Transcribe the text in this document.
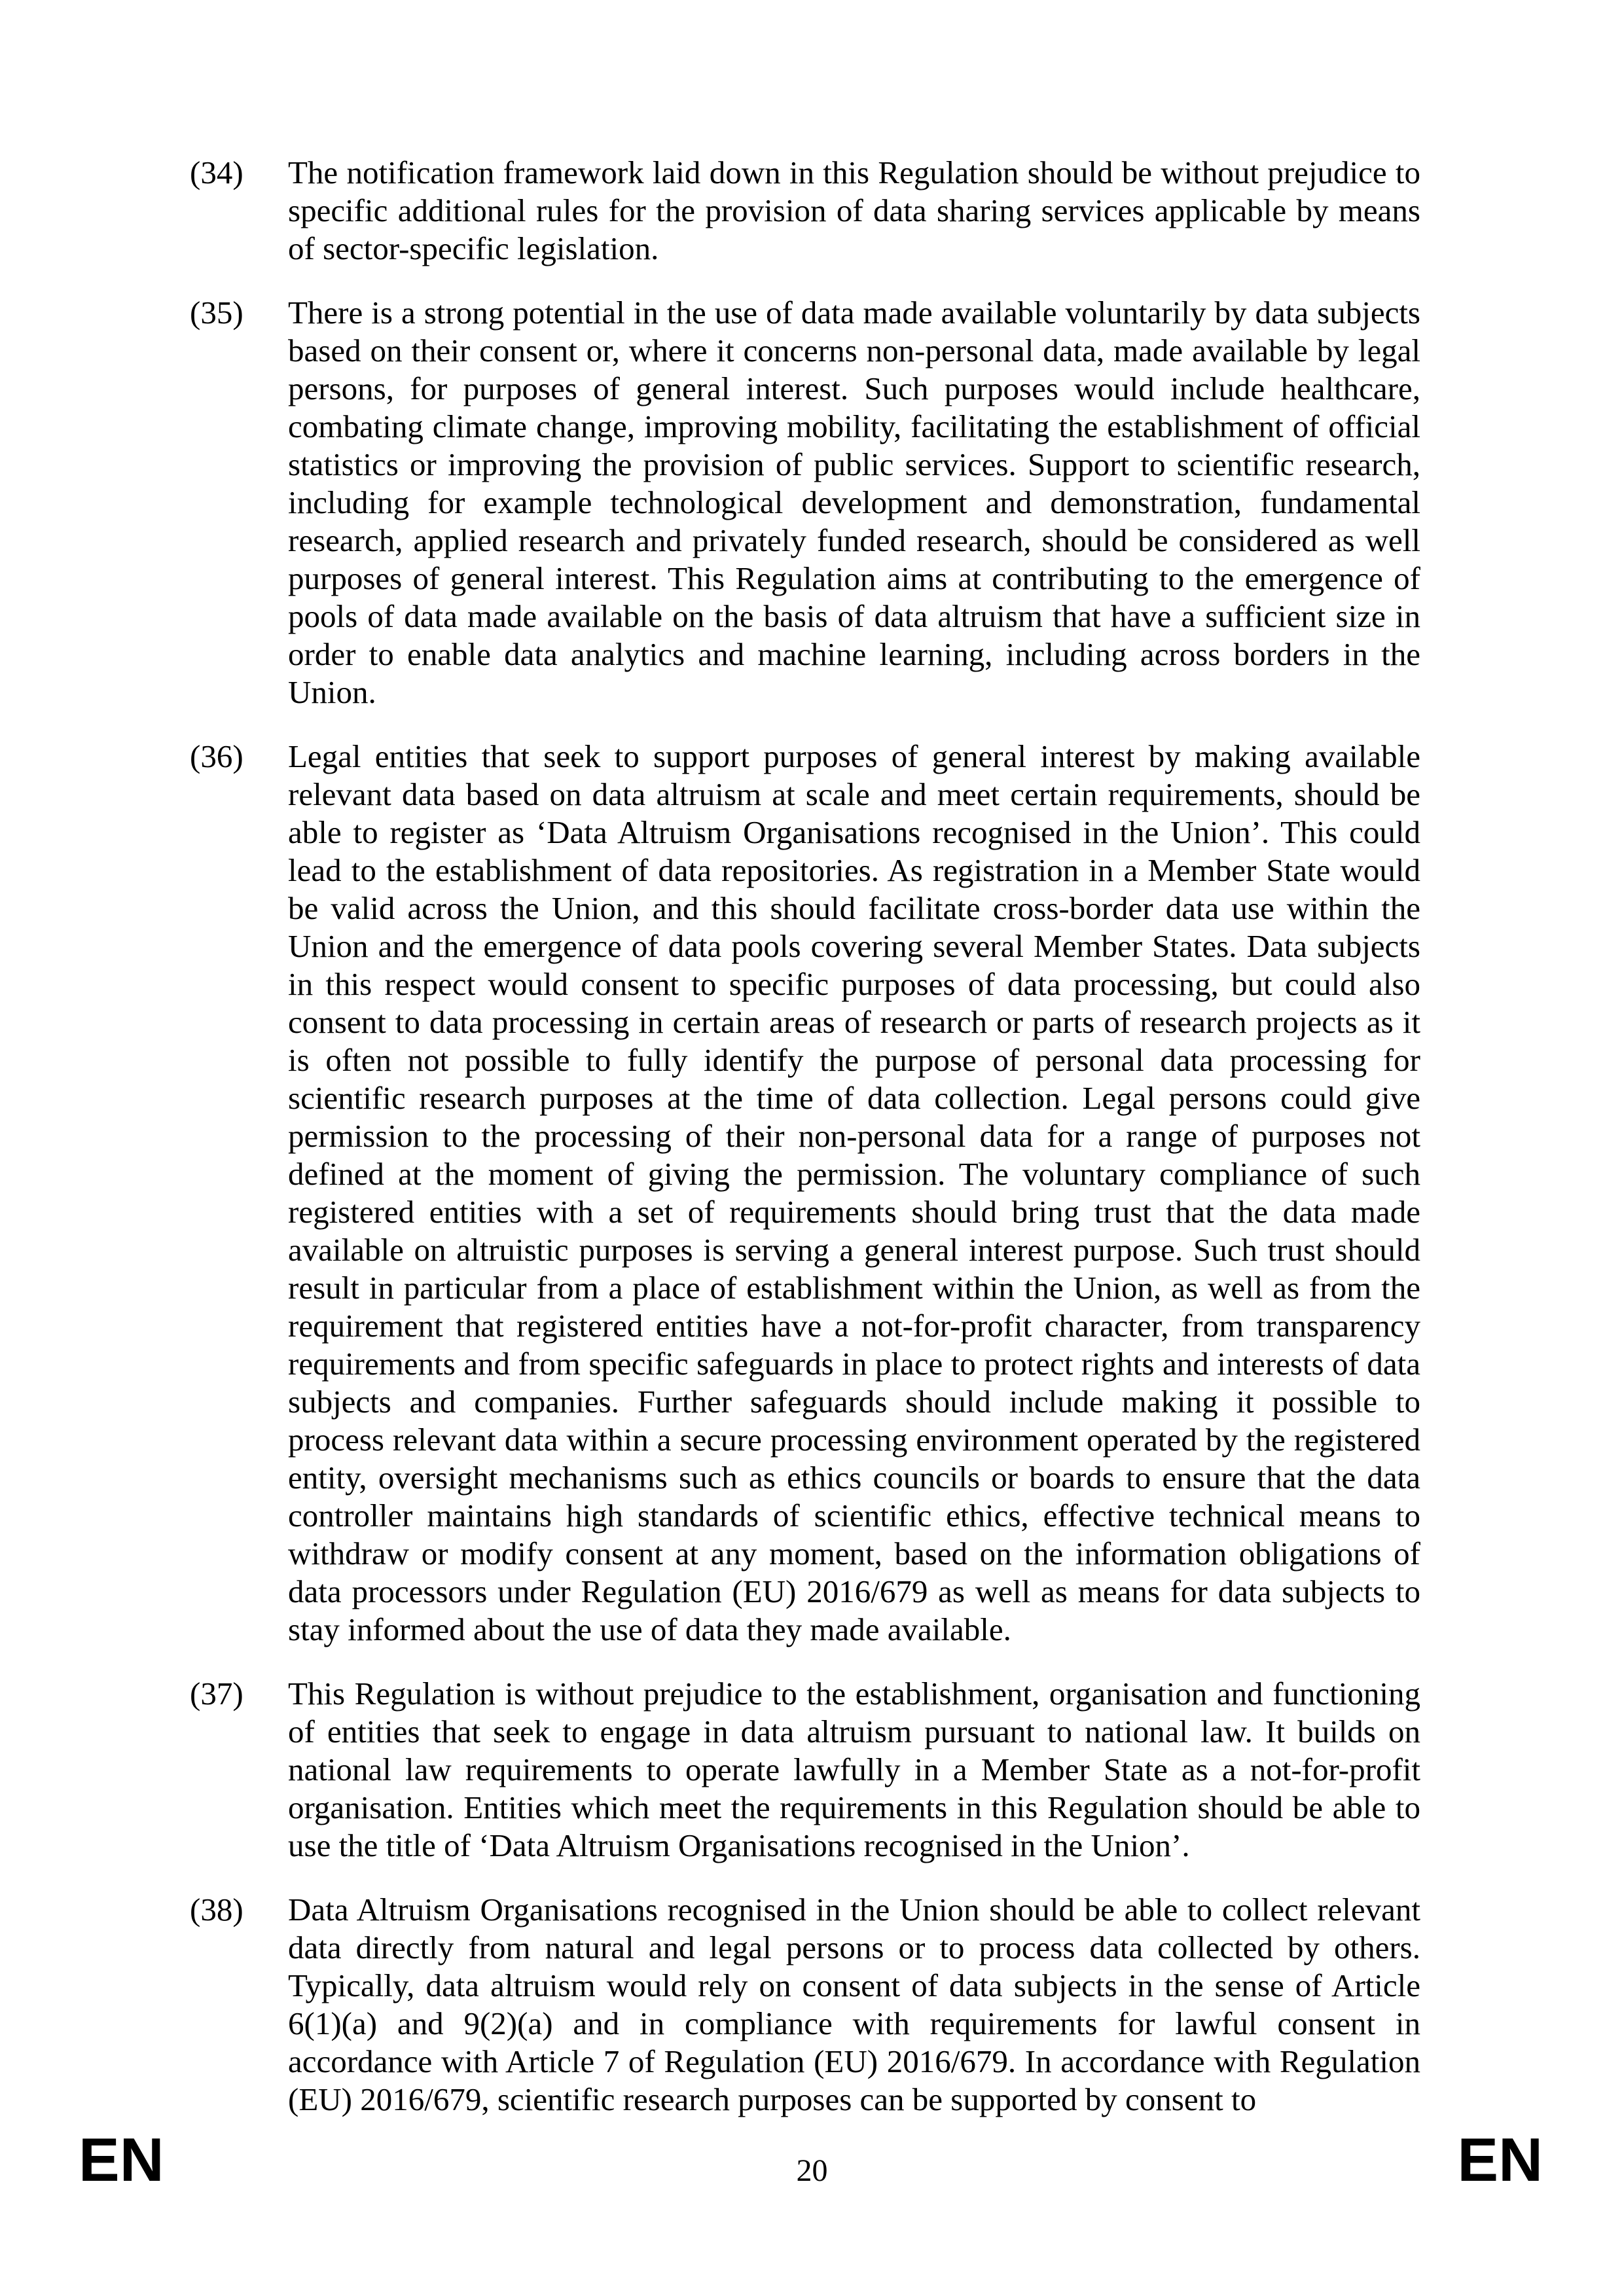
(34)	The notification framework laid down in this Regulation should be without prejudice to specific additional rules for the provision of data sharing services applicable by means of sector-specific legislation.
(35)	There is a strong potential in the use of data made available voluntarily by data subjects based on their consent or, where it concerns non-personal data, made available by legal persons, for purposes of general interest. Such purposes would include healthcare, combating climate change, improving mobility, facilitating the establishment of official statistics or improving the provision of public services. Support to scientific research, including for example technological development and demonstration, fundamental research, applied research and privately funded research, should be considered as well purposes of general interest. This Regulation aims at contributing to the emergence of pools of data made available on the basis of data altruism that have a sufficient size in order to enable data analytics and machine learning, including across borders in the Union.
(36)	Legal entities that seek to support purposes of general interest by making available relevant data based on data altruism at scale and meet certain requirements, should be able to register as ‘Data Altruism Organisations recognised in the Union’. This could lead to the establishment of data repositories. As registration in a Member State would be valid across the Union, and this should facilitate cross-border data use within the Union and the emergence of data pools covering several Member States. Data subjects in this respect would consent to specific purposes of data processing, but could also consent to data processing in certain areas of research or parts of research projects as it is often not possible to fully identify the purpose of personal data processing for scientific research purposes at the time of data collection. Legal persons could give permission to the processing of their non-personal data for a range of purposes not defined at the moment of giving the permission. The voluntary compliance of such registered entities with a set of requirements should bring trust that the data made available on altruistic purposes is serving a general interest purpose. Such trust should result in particular from a place of establishment within the Union, as well as from the requirement that registered entities have a not-for-profit character, from transparency requirements and from specific safeguards in place to protect rights and interests of data subjects and companies. Further safeguards should include making it possible to process relevant data within a secure processing environment operated by the registered entity, oversight mechanisms such as ethics councils or boards to ensure that the data controller maintains high standards of scientific ethics, effective technical means to withdraw or modify consent at any moment, based on the information obligations of data processors under Regulation (EU) 2016/679 as well as means for data subjects to stay informed about the use of data they made available.
(37)	This Regulation is without prejudice to the establishment, organisation and functioning of entities that seek to engage in data altruism pursuant to national law. It builds on national law requirements to operate lawfully in a Member State as a not-for-profit organisation. Entities which meet the requirements in this Regulation should be able to use the title of ‘Data Altruism Organisations recognised in the Union’.
(38)	Data Altruism Organisations recognised in the Union should be able to collect relevant data directly from natural and legal persons or to process data collected by others. Typically, data altruism would rely on consent of data subjects in the sense of Article 6(1)(a) and 9(2)(a) and in compliance with requirements for lawful consent in accordance with Article 7 of Regulation (EU) 2016/679. In accordance with Regulation (EU) 2016/679, scientific research purposes can be supported by consent to
EN	20	EN
